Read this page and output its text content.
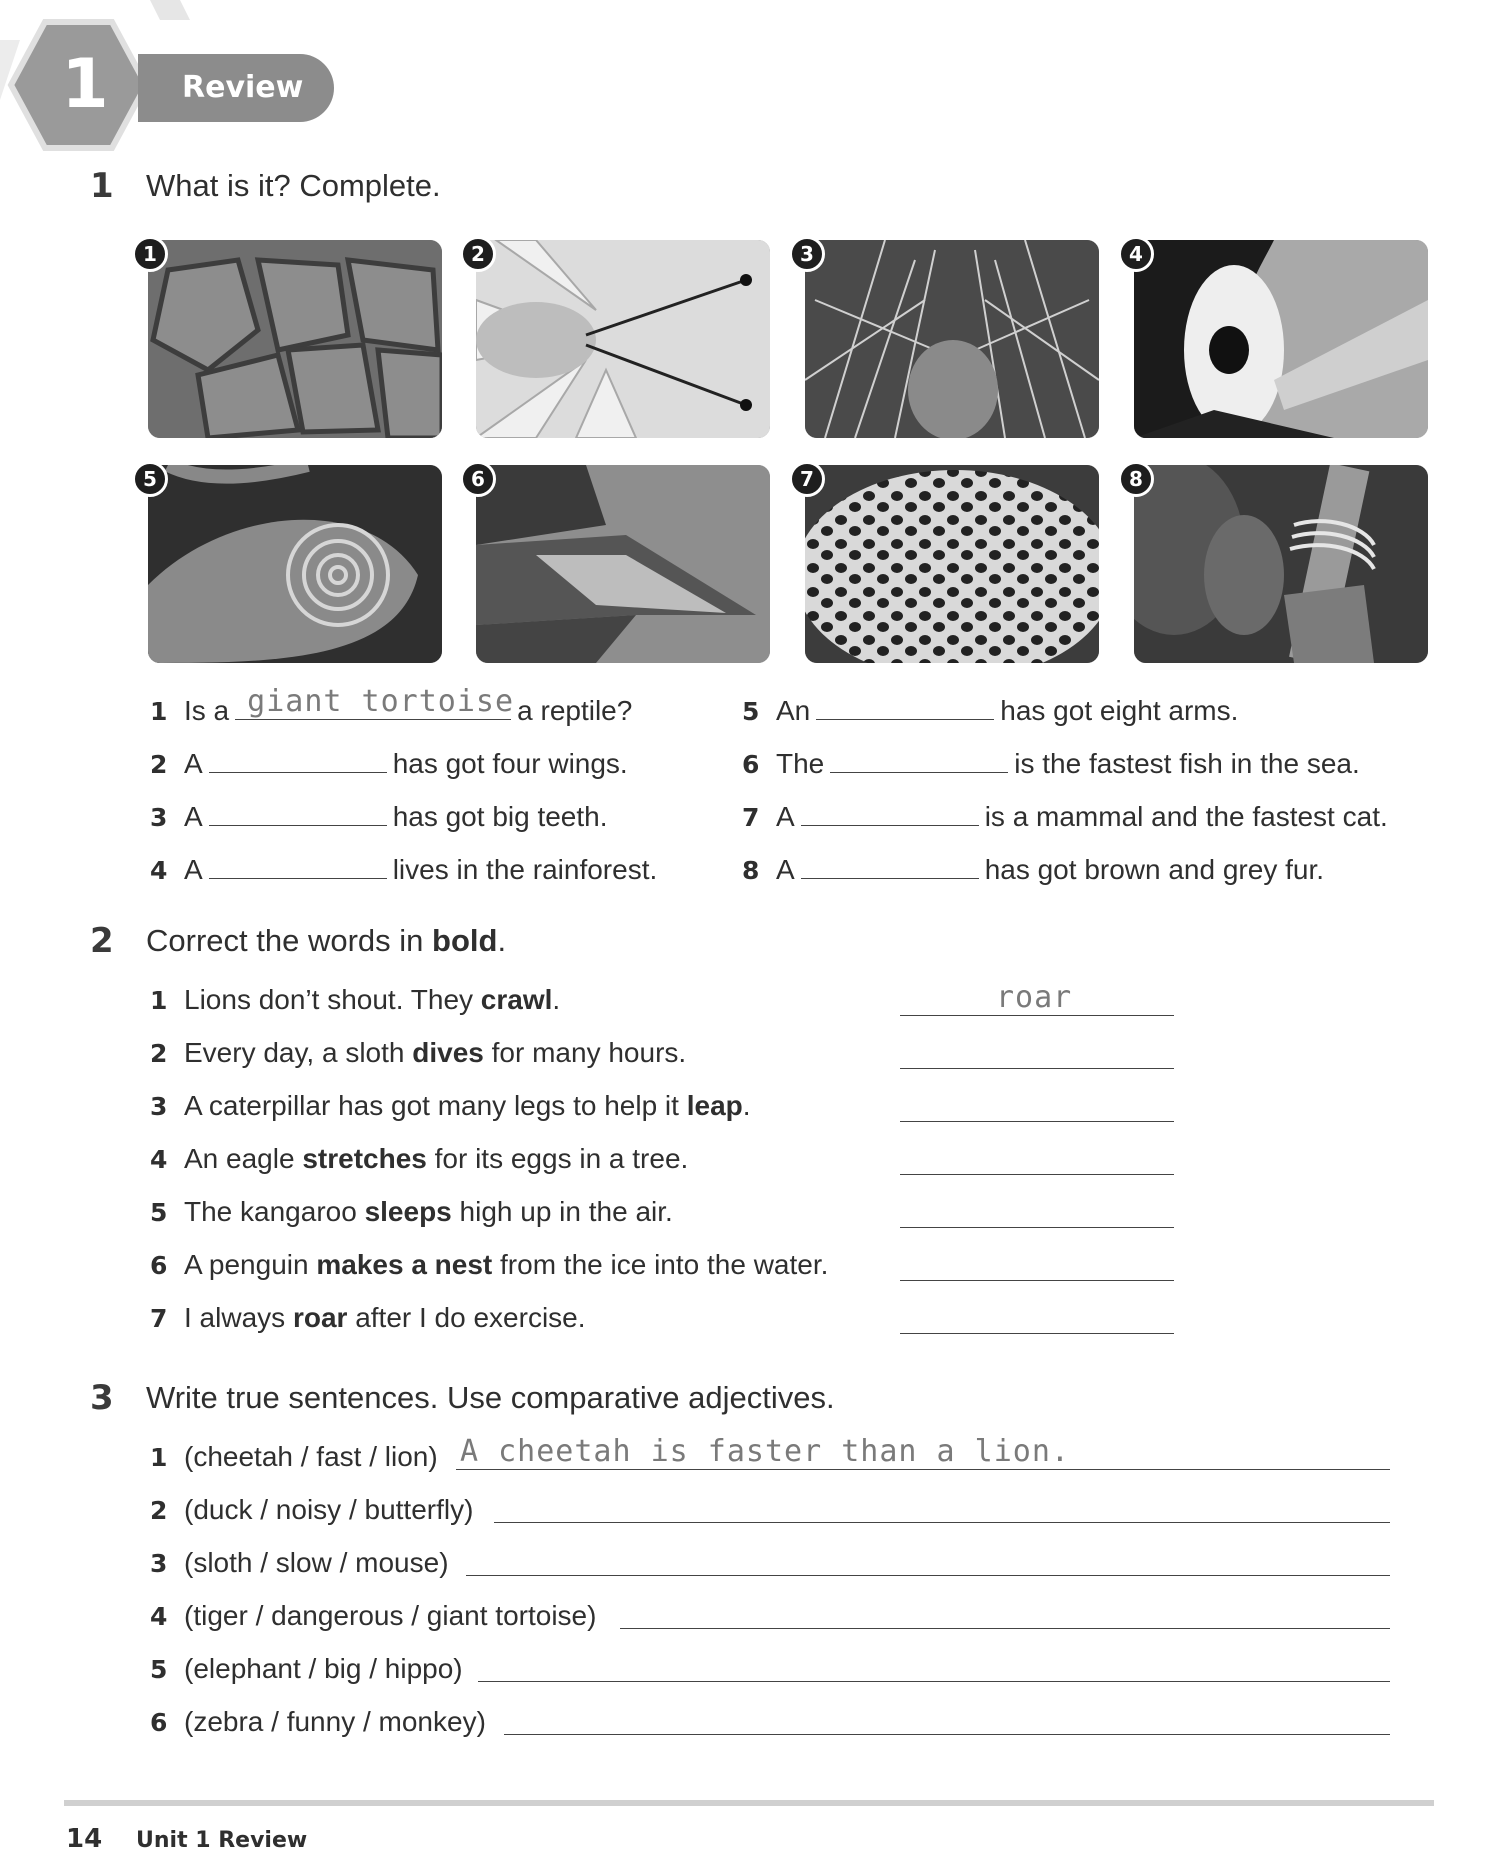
1	Review
1	What is it? Complete.
1	2	3	4
5	6	7	8
1 Is a giant tortoise a reptile?
2 A	has got four wings.
3 A	has got big teeth.
4 A	lives in the rainforest.
5 An	has got eight arms.
6 The	is the fastest fish in the sea.
7 A	is a mammal and the fastest cat.
8 A	has got brown and grey fur.
2	Correct the words in bold.
1 Lions don’t shout. They crawl.	roar
2 Every day, a sloth dives for many hours.
3 A caterpillar has got many legs to help it leap.
4 An eagle stretches for its eggs in a tree.
5 The kangaroo sleeps high up in the air.
6 A penguin makes a nest from the ice into the water.
7 I always roar after I do exercise.
3	Write true sentences. Use comparative adjectives.
1 (cheetah / fast / lion) A cheetah is faster than a lion.
2 (duck / noisy / butterfly)
3 (sloth / slow / mouse)
4 (tiger / dangerous / giant tortoise)
5 (elephant / big / hippo)
6 (zebra / funny / monkey)
14 Unit 1 Review
